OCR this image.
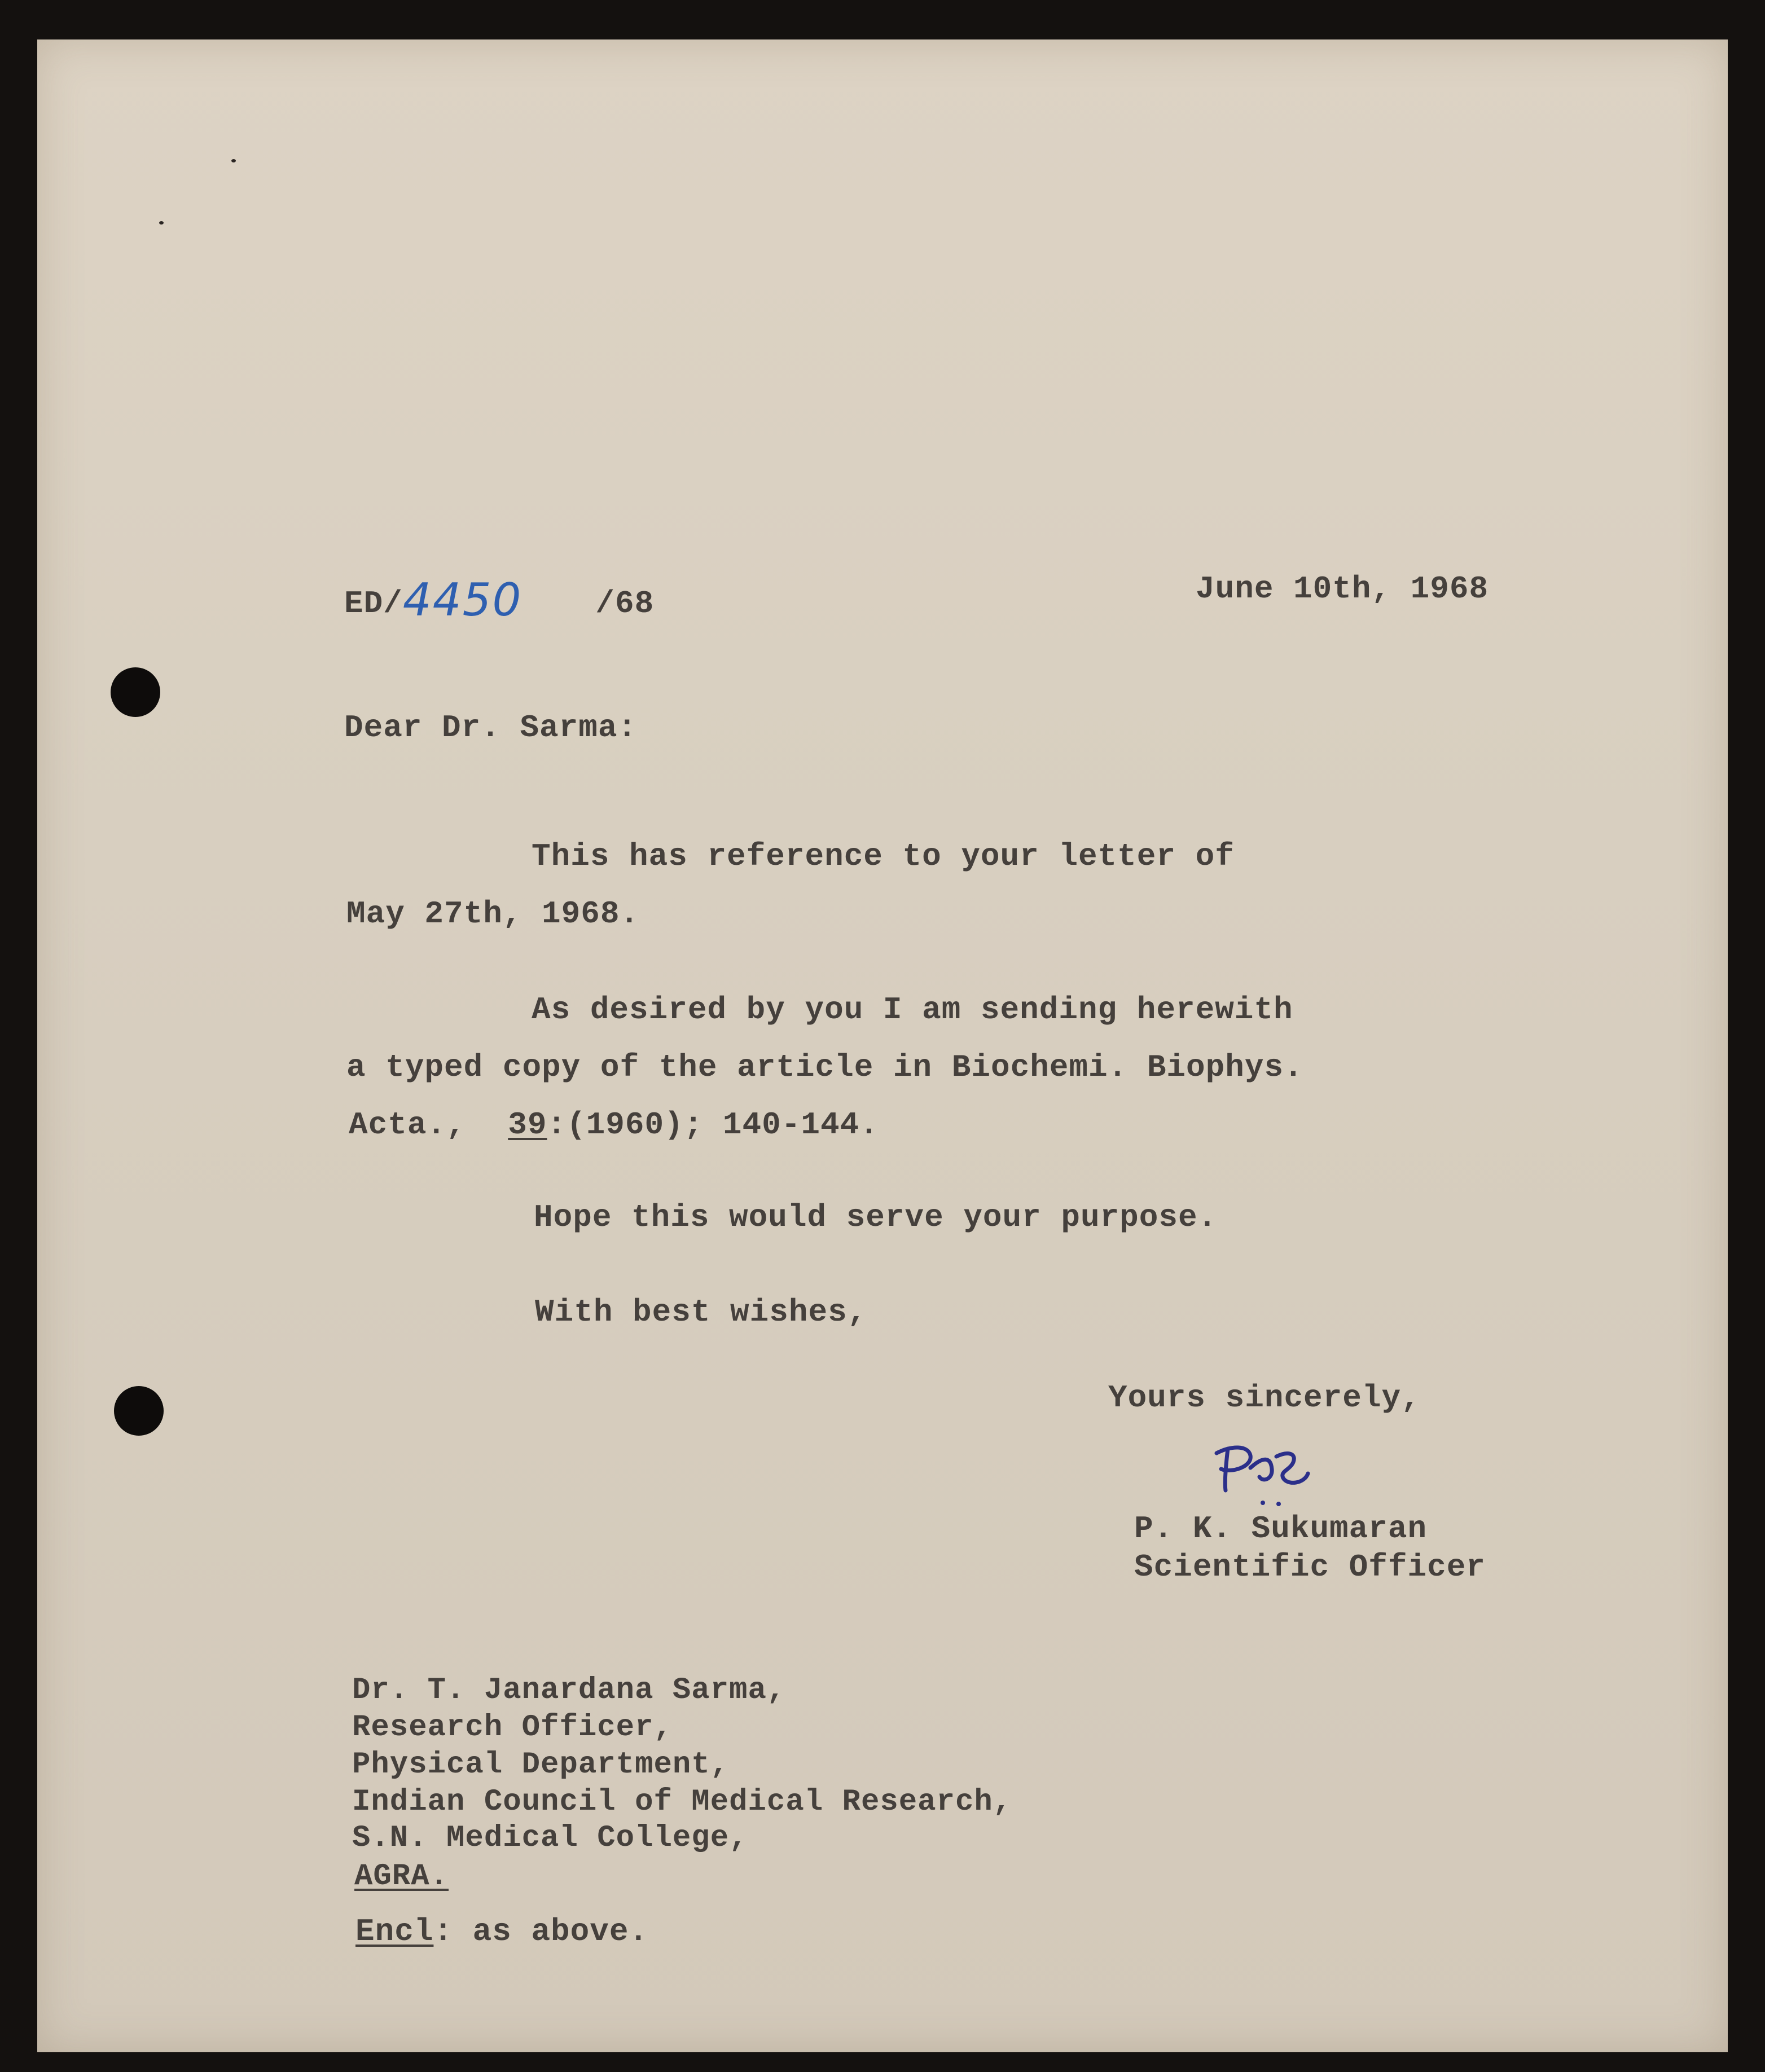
ED/4450 /68	June 10th, 1968
Dear Dr. Sarma:
This has reference to your letter of
May 27th, 1968.
As desired by you I am sending herewith
a typed copy of the article in Biochemi. Biophys.
Acta., 39:(1960); 140-144.
Hope this would serve your purpose.
With best wishes,
Yours sincerely,
P. K. Sukumaran
Scientific Officer
Dr. T. Janardana Sarma,
Research Officer,
Physical Department,
Indian Council of Medical Research,
S.N. Medical College,
AGRA.
Encl: as above.
